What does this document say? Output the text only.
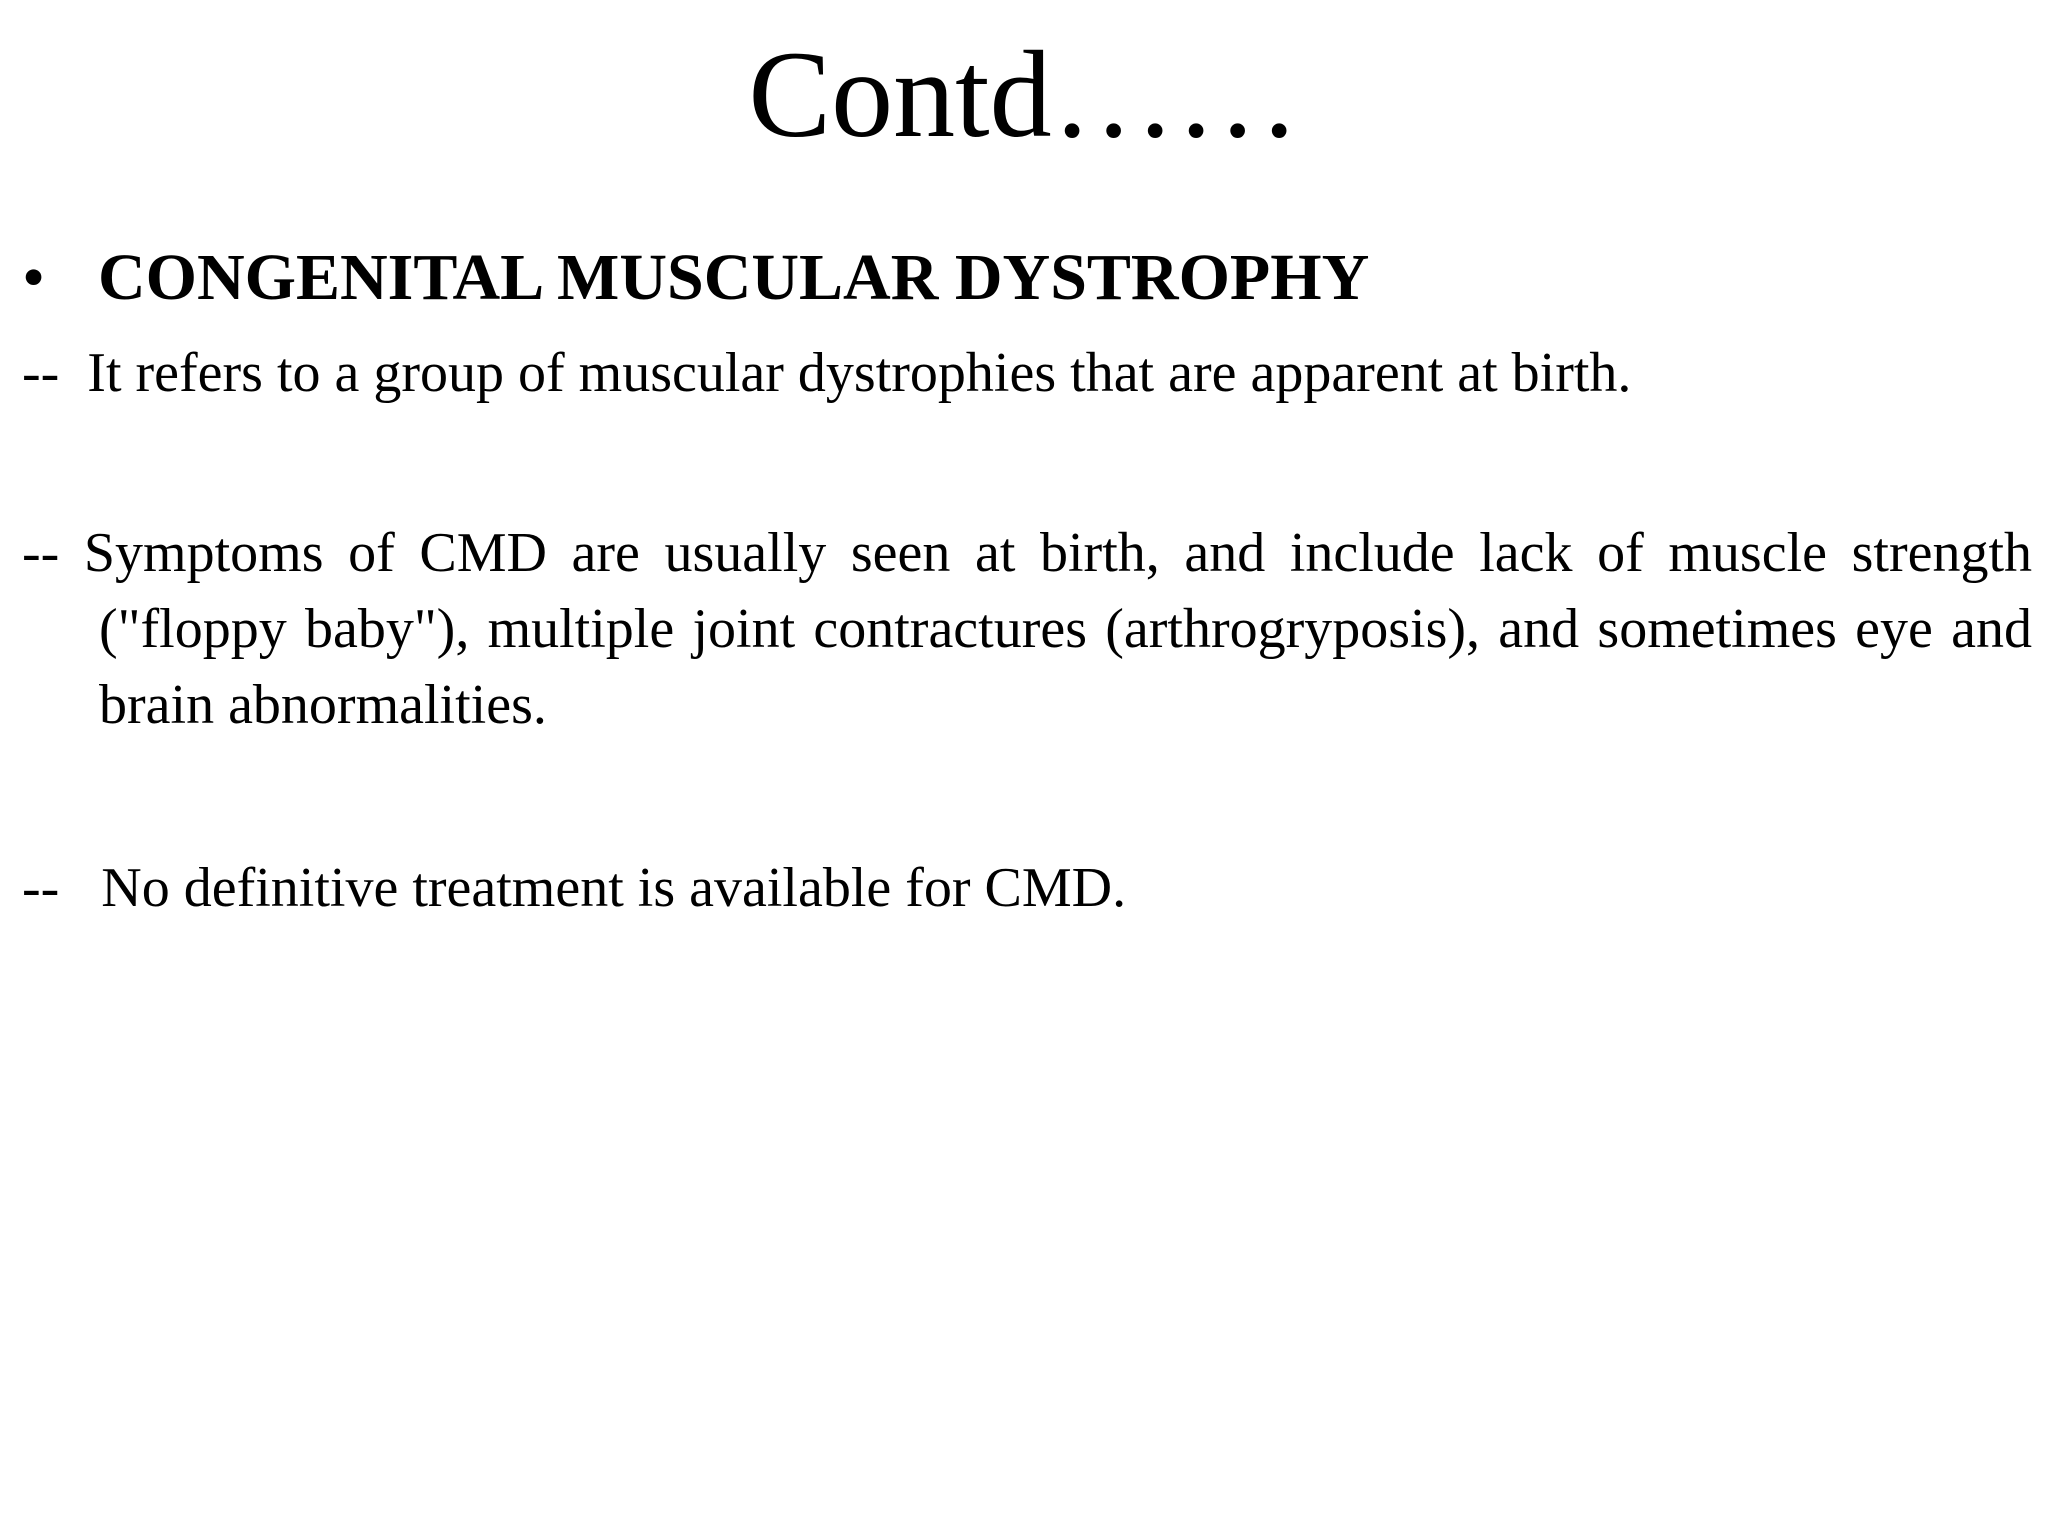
Contd……
• CONGENITAL MUSCULAR DYSTROPHY
-- It refers to a group of muscular dystrophies that are apparent at birth.
-- Symptoms of CMD are usually seen at birth, and include lack of muscle strength ("floppy baby"), multiple joint contractures (arthrogryposis), and sometimes eye and brain abnormalities.
-- No definitive treatment is available for CMD.
